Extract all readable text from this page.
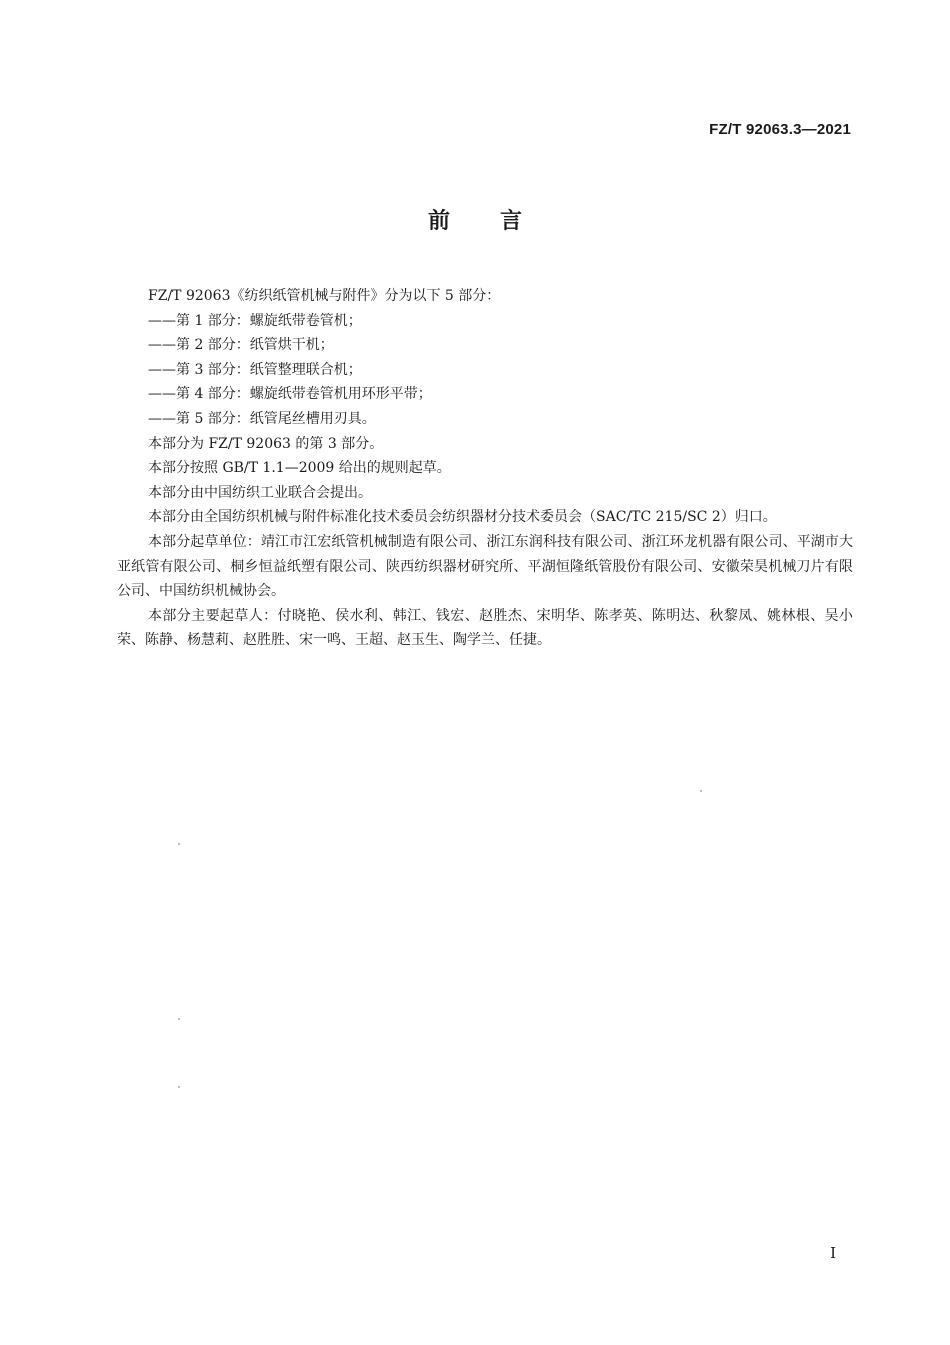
FZ/T 92063.3—2021
前言

FZ/T 92063《纺织纸管机械与附件》分为以下 5 部分：

——第 1 部分：螺旋纸带卷管机；

——第 2 部分：纸管烘干机；

——第 3 部分：纸管整理联合机；

——第 4 部分：螺旋纸带卷管机用环形平带；

——第 5 部分：纸管尾丝槽用刃具。

本部分为 FZ/T 92063 的第 3 部分。

本部分按照 GB/T 1.1—2009 给出的规则起草。

本部分由中国纺织工业联合会提出。

本部分由全国纺织机械与附件标准化技术委员会纺织器材分技术委员会（SAC/TC 215/SC 2）归口。

本部分起草单位：靖江市江宏纸管机械制造有限公司、浙江东润科技有限公司、浙江环龙机器有限公司、平湖市大亚纸管有限公司、桐乡恒益纸塑有限公司、陕西纺织器材研究所、平湖恒隆纸管股份有限公司、安徽荣昊机械刀片有限公司、中国纺织机械协会。

本部分主要起草人：付晓艳、侯水利、韩江、钱宏、赵胜杰、宋明华、陈孝英、陈明达、秋黎凤、姚林根、吴小荣、陈静、杨慧莉、赵胜胜、宋一鸣、王超、赵玉生、陶学兰、任捷。

I
